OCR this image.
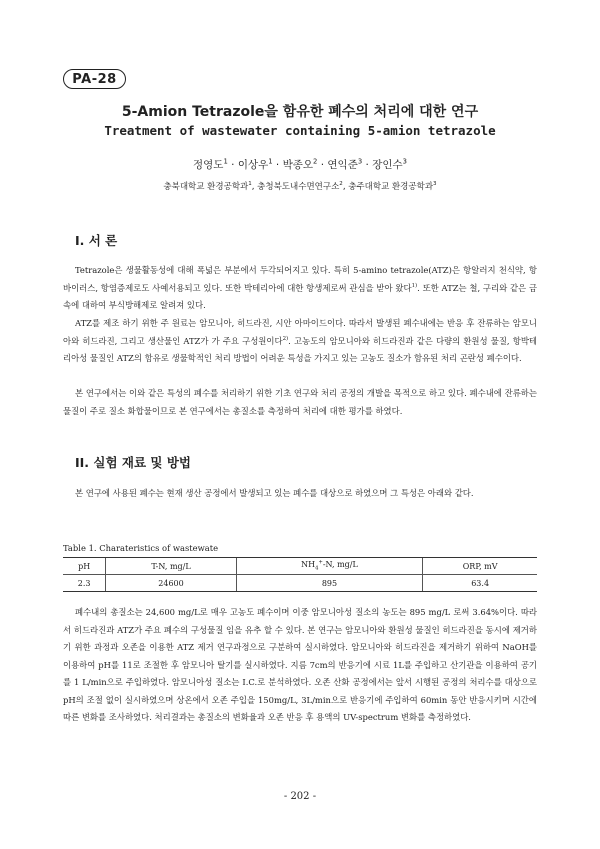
PA-28
5-Amion Tetrazole을 함유한 폐수의 처리에 대한 연구
Treatment of wastewater containing 5-amion tetrazole
정영도$^1$ · 이상우$^1$ · 박종오$^2$ · 연익준$^3$ · 장인수$^3$
충북대학교 환경공학과$^1$, 충청북도내수면연구소$^2$, 충주대학교 환경공학과$^3$
I. 서 론

Tetrazole은 생물활동성에 대해 폭넓은 부분에서 두각되어지고 있다. 특히 5-amino tetrazole(ATZ)은 항알러지 천식약, 항바이러스, 항염증제로도 사예서용되고 있다. 또한 박테리아에 대한 항생제로써 관심을 받아 왔다$^{1)}$. 또한 ATZ는 철, 구리와 같은 금속에 대하여 부식방해제로 알려져 있다.

ATZ를 제조 하기 위한 주 원료는 암모니아, 히드라진, 시안 아마이드이다. 따라서 발생된 폐수내에는 반응 후 잔류하는 암모니아와 히드라진, 그리고 생산물인 ATZ가 가 주요 구성원이다$^{2)}$. 고농도의 암모니아와 히드라진과 같은 다량의 환원성 물질, 항박테리아성 물질인 ATZ의 함유로 생물학적인 처리 방법이 어려운 특성을 가지고 있는 고농도 질소가 함유된 처리 곤란성 폐수이다.

본 연구에서는 이와 같은 특성의 폐수를 처리하기 위한 기초 연구와 처리 공정의 개발을 목적으로 하고 있다. 폐수내에 잔류하는 물질이 주로 질소 화합물이므로 본 연구에서는 총질소를 측정하여 처리에 대한 평가를 하였다.

II. 실험 재료 및 방법

본 연구에 사용된 폐수는 현재 생산 공정에서 발생되고 있는 폐수를 대상으로 하였으며 그 특성은 아래와 같다.

Table 1. Charateristics of wastewate
pH	T-N, mg/L	$NH_4^+-N$, mg/L	ORP, mV
2.3	24600	895	63.4

폐수내의 총질소는 24,600 mg/L로 매우 고농도 폐수이며 이중 암모니아성 질소의 농도는 895 mg/L 로써 3.64%이다. 따라서 히드라진과 ATZ가 주요 폐수의 구성물질 임을 유추 할 수 있다. 본 연구는 암모니아와 환원성 물질인 히드라진을 동시에 제거하기 위한 과정과 오존을 이용한 ATZ 제거 연구과정으로 구분하여 실시하였다. 암모니아와 히드라진을 제거하기 위하여 NaOH를 이용하여 pH를 11로 조절한 후 암모니아 탈기를 실시하였다. 지름 7cm의 반응기에 시료 1L를 주입하고 산기관을 이용하여 공기를 1 L/min으로 주입하였다. 암모니아성 질소는 I.C.로 분석하였다. 오존 산화 공정에서는 앞서 시행된 공정의 처리수를 대상으로 pH의 조절 없이 실시하였으며 상온에서 오존 주입을 150mg/L, 3L/min으로 반응기에 주입하여 60min 동안 반응시키며 시간에 따른 변화를 조사하였다. 처리결과는 총질소의 변화율과 오존 반응 후 용액의 UV-spectrum 변화를 측정하였다.

- 202 -
